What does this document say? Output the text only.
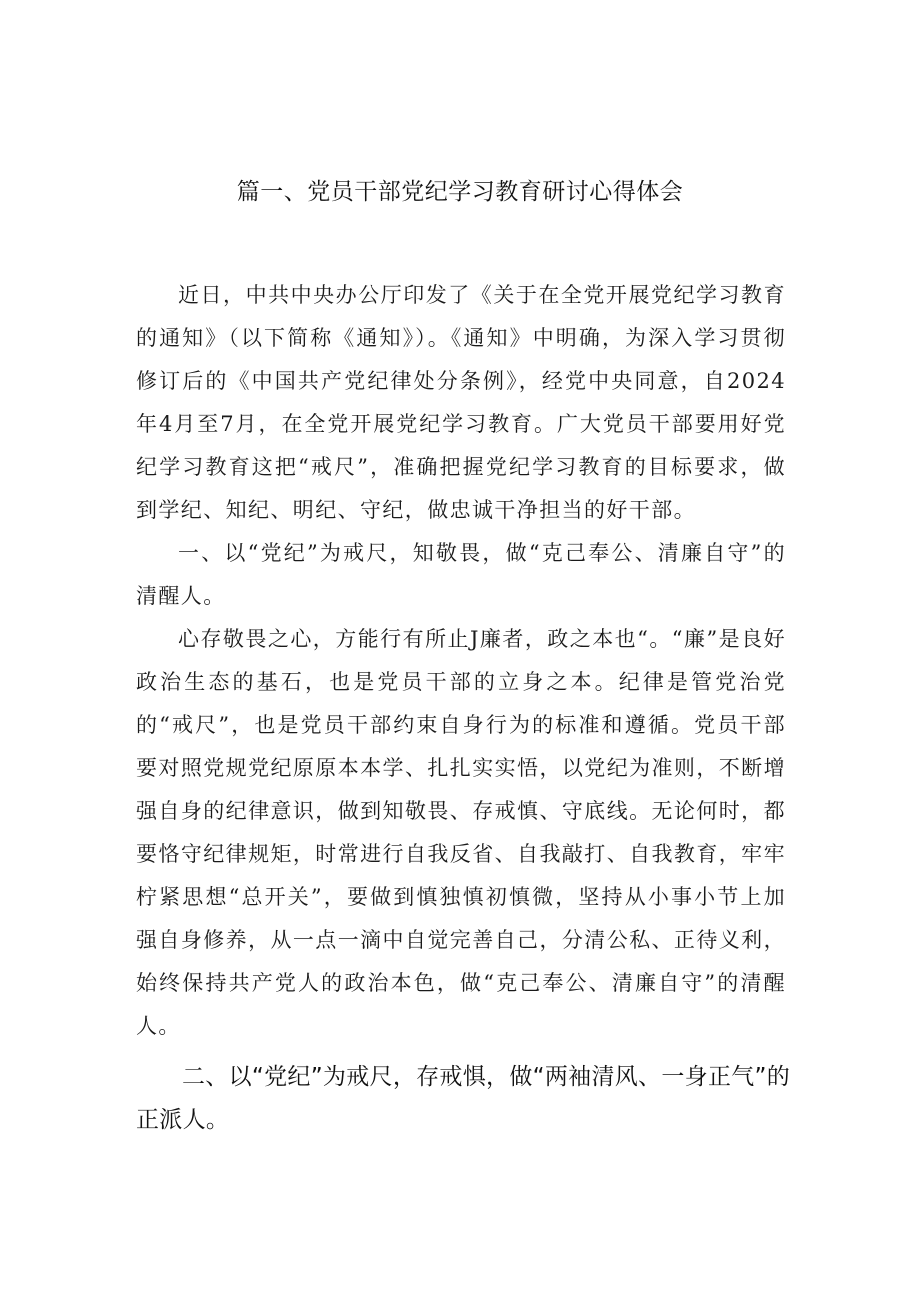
篇一、党员干部党纪学习教育研讨心得体会

近日，中共中央办公厅印发了《关于在全党开展党纪学习教育的通知》（以下简称《通知》）。《通知》中明确，为深入学习贯彻修订后的《中国共产党纪律处分条例》，经党中央同意，自2024年4月至7月，在全党开展党纪学习教育。广大党员干部要用好党纪学习教育这把“戒尺”，准确把握党纪学习教育的目标要求，做到学纪、知纪、明纪、守纪，做忠诚干净担当的好干部。

一、以“党纪”为戒尺，知敬畏，做“克己奉公、清廉自守”的清醒人。

心存敬畏之心，方能行有所止J廉者，政之本也“。“廉”是良好政治生态的基石，也是党员干部的立身之本。纪律是管党治党的“戒尺”，也是党员干部约束自身行为的标准和遵循。党员干部要对照党规党纪原原本本学、扎扎实实悟，以党纪为准则，不断增强自身的纪律意识，做到知敬畏、存戒慎、守底线。无论何时，都要恪守纪律规矩，时常进行自我反省、自我敲打、自我教育，牢牢柠紧思想“总开关”，要做到慎独慎初慎微，坚持从小事小节上加强自身修养，从一点一滴中自觉完善自己，分清公私、正待义利，始终保持共产党人的政治本色，做“克己奉公、清廉自守”的清醒人。

二、以“党纪”为戒尺，存戒惧，做“两袖清风、一身正气”的正派人。
